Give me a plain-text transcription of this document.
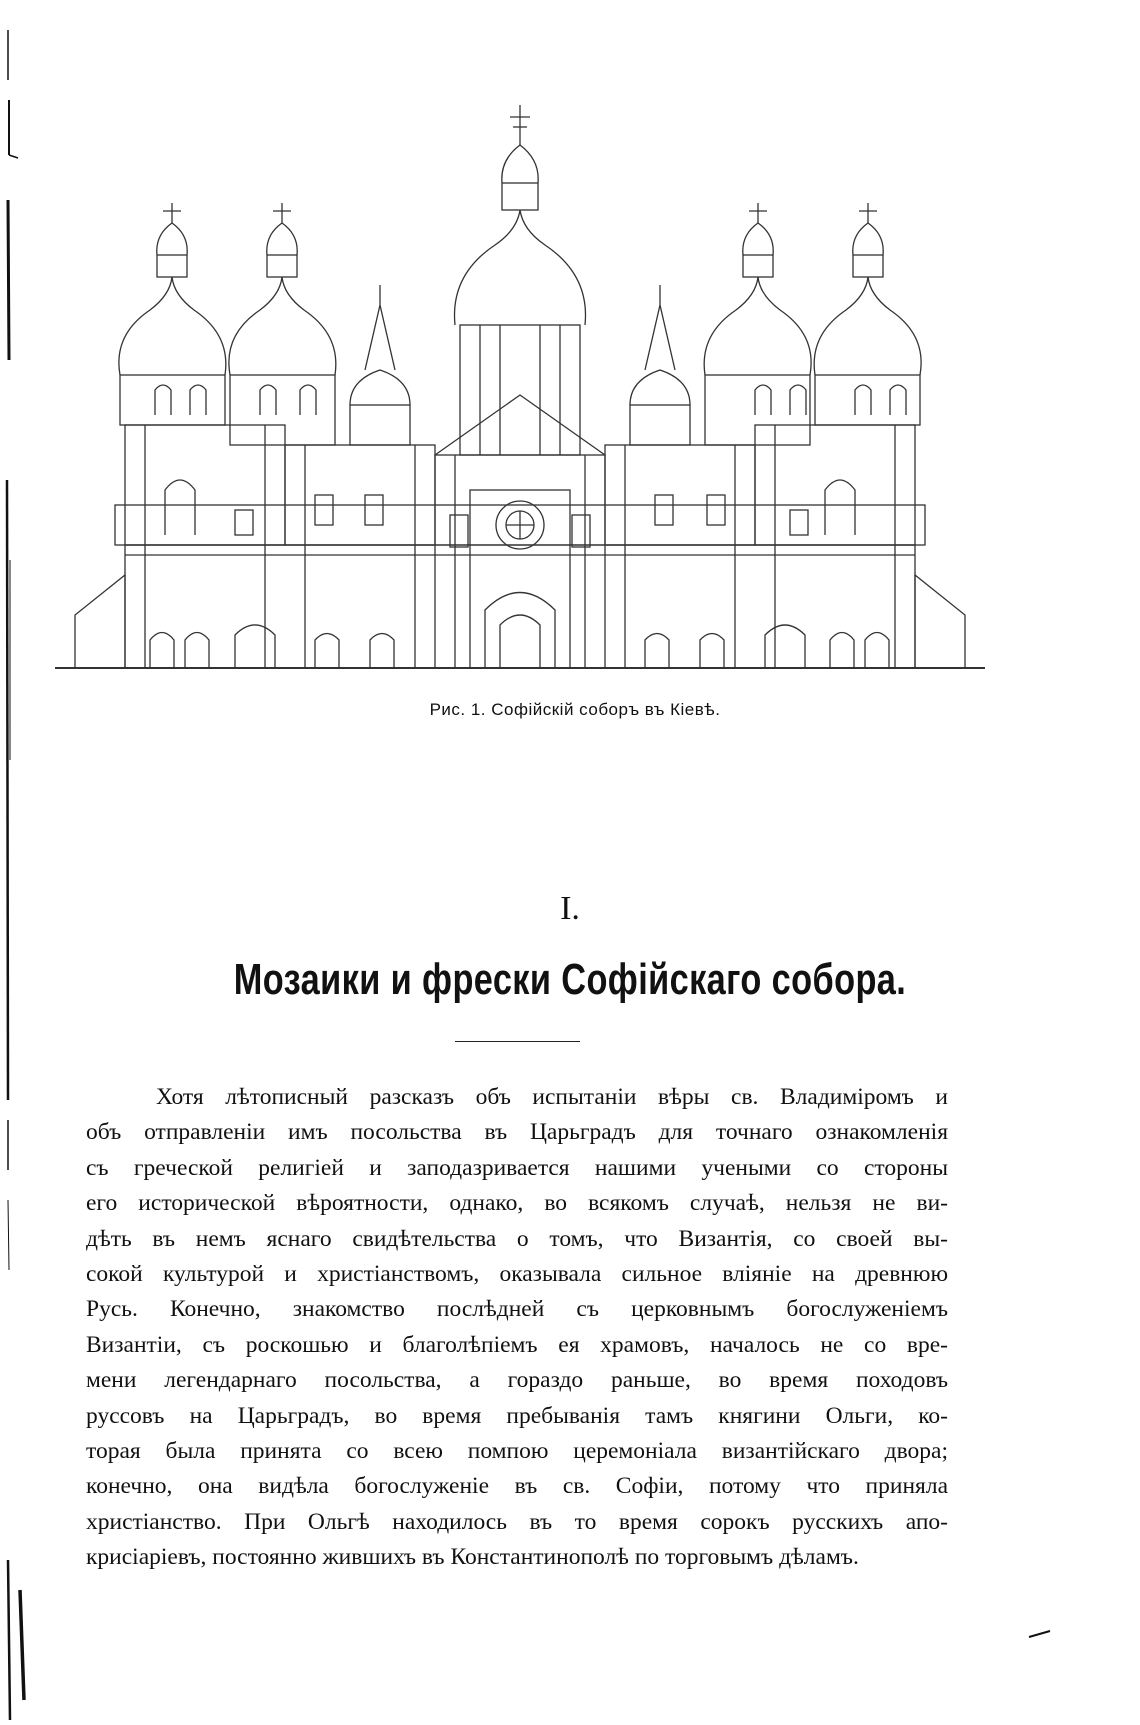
Рис. 1. Софійскій соборъ въ Кіевѣ.
I.
Мозаики и фрески Софійскаго собора.
Хотя лѣтописный разсказъ объ испытаніи вѣры св. Владиміромъ и
объ отправленіи имъ посольства въ Царьградъ для точнаго ознакомленія
съ греческой религіей и заподазривается нашими учеными со стороны
его исторической вѣроятности, однако, во всякомъ случаѣ, нельзя не ви-
дѣть въ немъ яснаго свидѣтельства о томъ, что Византія, со своей вы-
сокой культурой и христіанствомъ, оказывала сильное вліяніе на древнюю
Русь. Конечно, знакомство послѣдней съ церковнымъ богослуженіемъ
Византіи, съ роскошью и благолѣпіемъ ея храмовъ, началось не со вре-
мени легендарнаго посольства, а гораздо раньше, во время походовъ
руссовъ на Царьградъ, во время пребыванія тамъ княгини Ольги, ко-
торая была принята со всею помпою церемоніала византійскаго двора;
конечно, она видѣла богослуженіе въ св. Софіи, потому что приняла
христіанство. При Ольгѣ находилось въ то время сорокъ русскихъ апо-
крисіаріевъ, постоянно жившихъ въ Константинополѣ по торговымъ дѣламъ.
